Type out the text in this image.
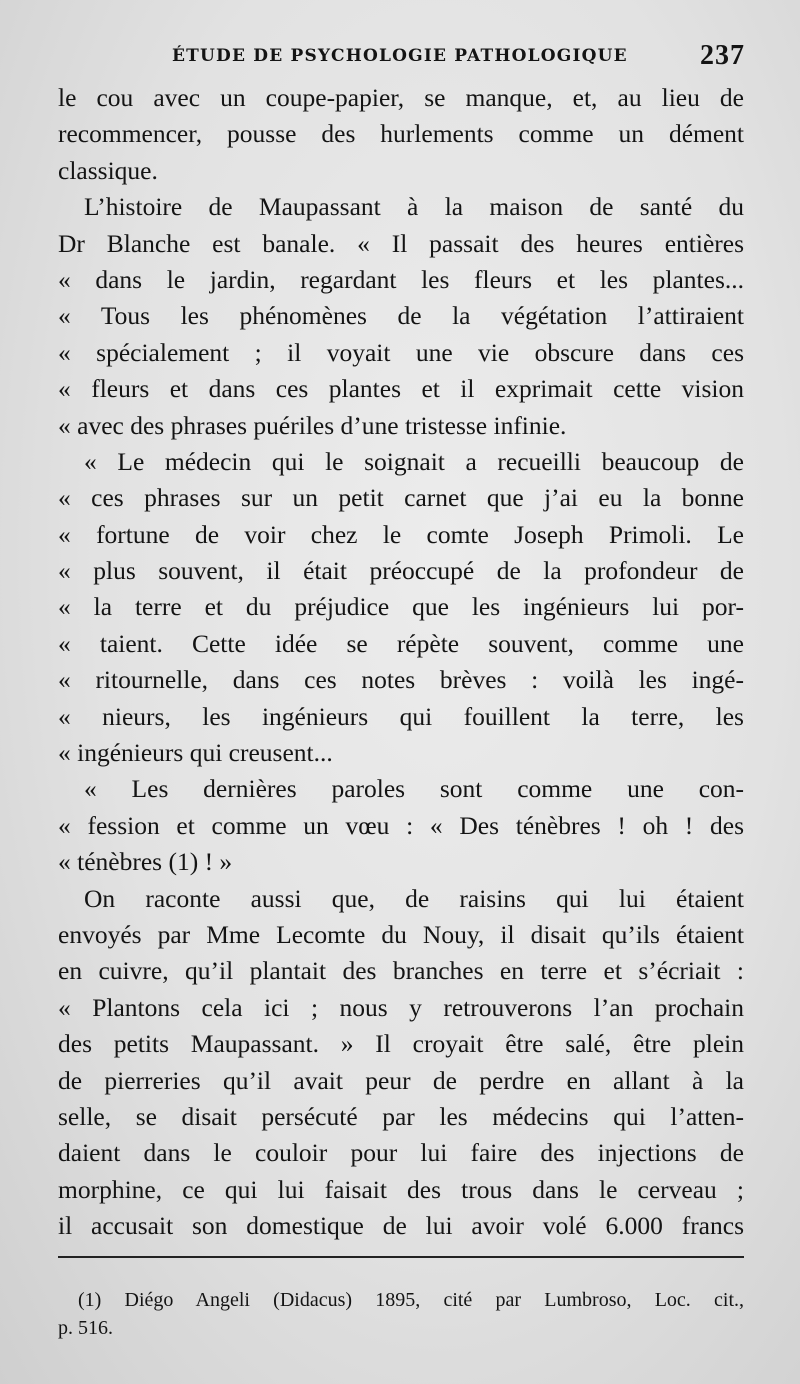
ÉTUDE DE PSYCHOLOGIE PATHOLOGIQUE	237
le cou avec un coupe-papier, se manque, et, au lieu de
recommencer, pousse des hurlements comme un dément
classique.
L’histoire de Maupassant à la maison de santé du
Dr Blanche est banale. « Il passait des heures entières
« dans le jardin, regardant les fleurs et les plantes...
« Tous les phénomènes de la végétation l’attiraient
« spécialement ; il voyait une vie obscure dans ces
« fleurs et dans ces plantes et il exprimait cette vision
« avec des phrases puériles d’une tristesse infinie.
« Le médecin qui le soignait a recueilli beaucoup de
« ces phrases sur un petit carnet que j’ai eu la bonne
« fortune de voir chez le comte Joseph Primoli. Le
« plus souvent, il était préoccupé de la profondeur de
« la terre et du préjudice que les ingénieurs lui por-
« taient. Cette idée se répète souvent, comme une
« ritournelle, dans ces notes brèves : voilà les ingé-
« nieurs, les ingénieurs qui fouillent la terre, les
« ingénieurs qui creusent...
« Les dernières paroles sont comme une con-
« fession et comme un vœu : « Des ténèbres ! oh ! des
« ténèbres (1) ! »
On raconte aussi que, de raisins qui lui étaient
envoyés par Mme Lecomte du Nouy, il disait qu’ils étaient
en cuivre, qu’il plantait des branches en terre et s’écriait :
« Plantons cela ici ; nous y retrouverons l’an prochain
des petits Maupassant. » Il croyait être salé, être plein
de pierreries qu’il avait peur de perdre en allant à la
selle, se disait persécuté par les médecins qui l’atten-
daient dans le couloir pour lui faire des injections de
morphine, ce qui lui faisait des trous dans le cerveau ;
il accusait son domestique de lui avoir volé 6.000 francs
(1) Diégo Angeli (Didacus) 1895, cité par Lumbroso, Loc. cit.,
p. 516.
